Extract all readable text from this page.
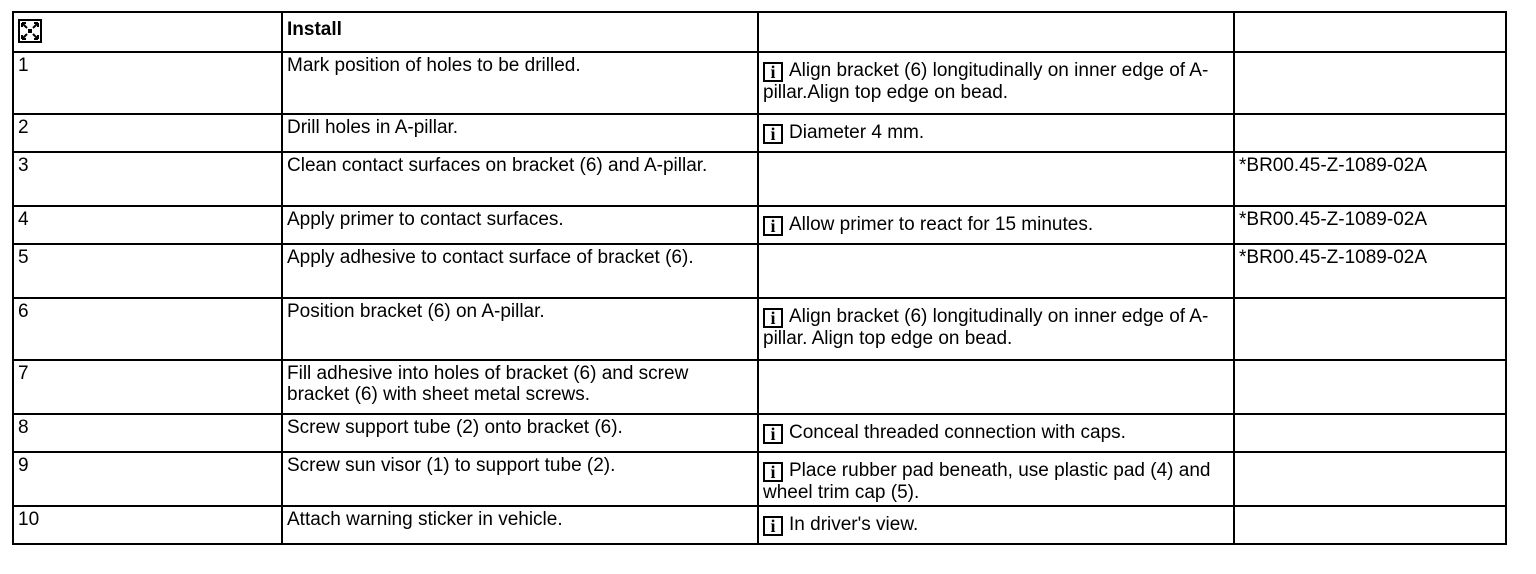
	Install		
1	Mark position of holes to be drilled.	i Align bracket (6) longitudinally on inner edge of A-pillar.Align top edge on bead.	

2	Drill holes in A-pillar.	i Diameter 4 mm.	

3	Clean contact surfaces on bracket (6) and A-pillar.		*BR00.45-Z-1089-02A
4	Apply primer to contact surfaces.	i Allow primer to react for 15 minutes.	*BR00.45-Z-1089-02A
5	Apply adhesive to contact surface of bracket (6).		*BR00.45-Z-1089-02A
6	Position bracket (6) on A-pillar.	i Align bracket (6) longitudinally on inner edge of A-pillar. Align top edge on bead.	

7	Fill adhesive into holes of bracket (6) and screw bracket (6) with sheet metal screws.		
8	Screw support tube (2) onto bracket (6).	i Conceal threaded connection with caps.	

9	Screw sun visor (1) to support tube (2).	i Place rubber pad beneath, use plastic pad (4) and wheel trim cap (5).	

10	Attach warning sticker in vehicle.	i In driver's view.	
